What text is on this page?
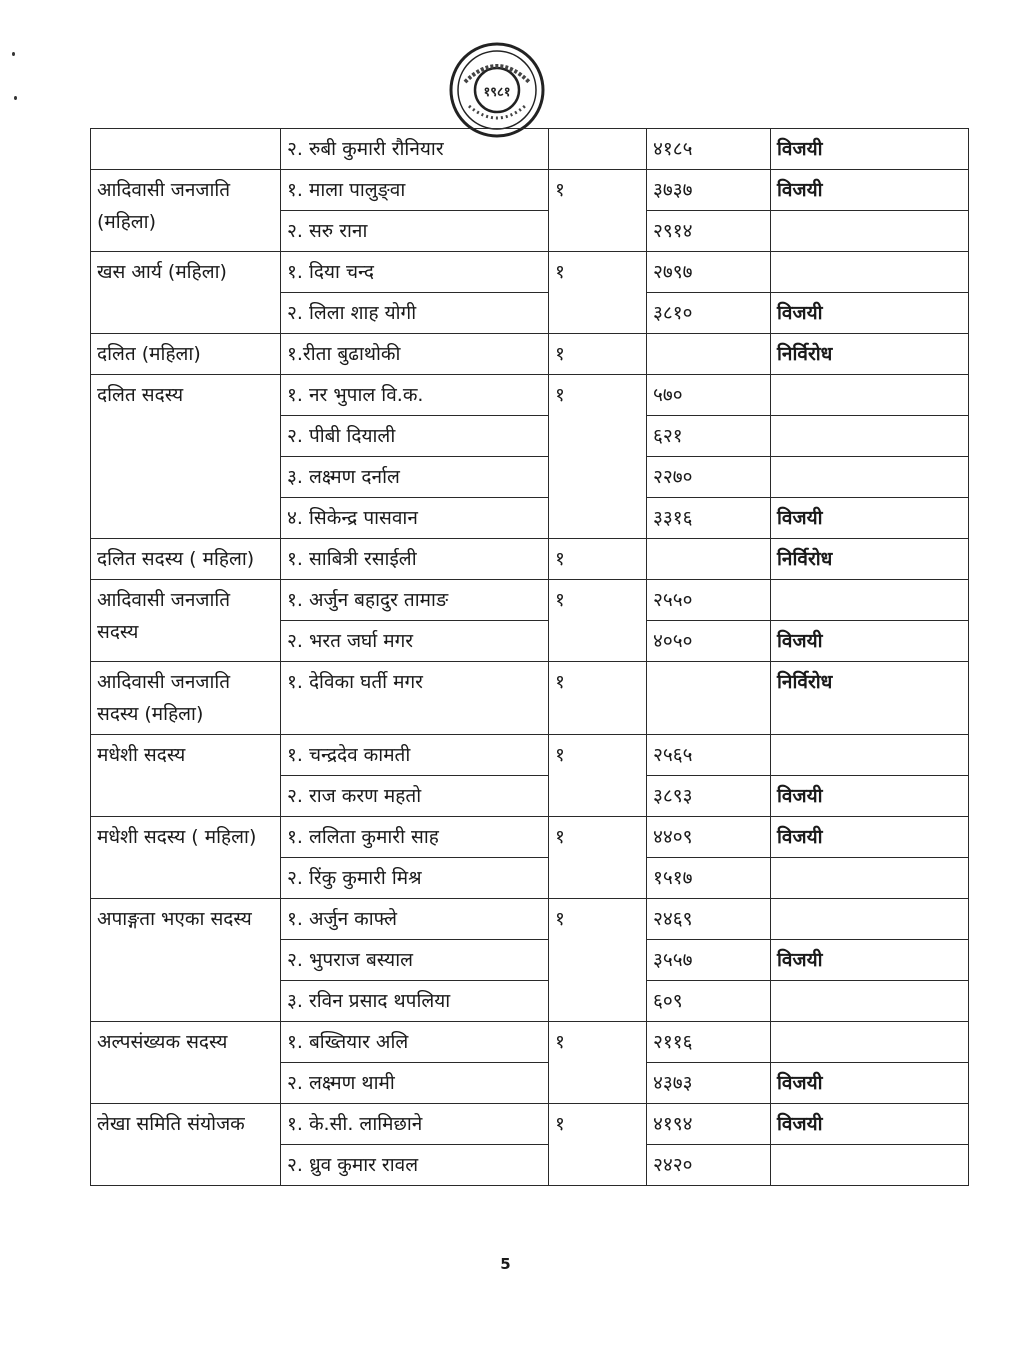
१९८१
	२. रुबी कुमारी रौनियार		४१८५	विजयी
आदिवासी जनजाति (महिला)	१. माला पालुङ्वा	१	३७३७	विजयी
	२. सरु राना		२९१४	
खस आर्य (महिला)	१. दिया चन्द	१	२७९७	
	२. लिला शाह योगी		३८१०	विजयी
दलित (महिला)	१.रीता बुढाथोकी	१		निर्विरोध
दलित सदस्य	१. नर भुपाल वि.क.	१	५७०	
	२. पीबी दियाली		६२१	
	३. लक्ष्मण दर्नाल		२२७०	
	४. सिकेन्द्र पासवान		३३१६	विजयी
दलित सदस्य ( महिला)	१. साबित्री रसाईली	१		निर्विरोध
आदिवासी जनजाति सदस्य	१. अर्जुन बहादुर तामाङ	१	२५५०	
	२. भरत जर्घा मगर		४०५०	विजयी
आदिवासी जनजाति सदस्य (महिला)	१. देविका घर्ती मगर	१		निर्विरोध
मधेशी सदस्य	१. चन्द्रदेव कामती	१	२५६५	
	२. राज करण महतो		३८९३	विजयी
मधेशी सदस्य ( महिला)	१. ललिता कुमारी साह	१	४४०९	विजयी
	२. रिंकु कुमारी मिश्र		१५१७	
अपाङ्गता भएका सदस्य	१. अर्जुन काफ्ले	१	२४६९	
	२. भुपराज बस्याल		३५५७	विजयी
	३. रविन प्रसाद थपलिया		६०९	
अल्पसंख्यक सदस्य	१. बख्तियार अलि	१	२११६	
	२. लक्ष्मण थामी		४३७३	विजयी
लेखा समिति संयोजक	१. के.सी. लामिछाने	१	४१९४	विजयी
	२. ध्रुव कुमार रावल		२४२०	
5
